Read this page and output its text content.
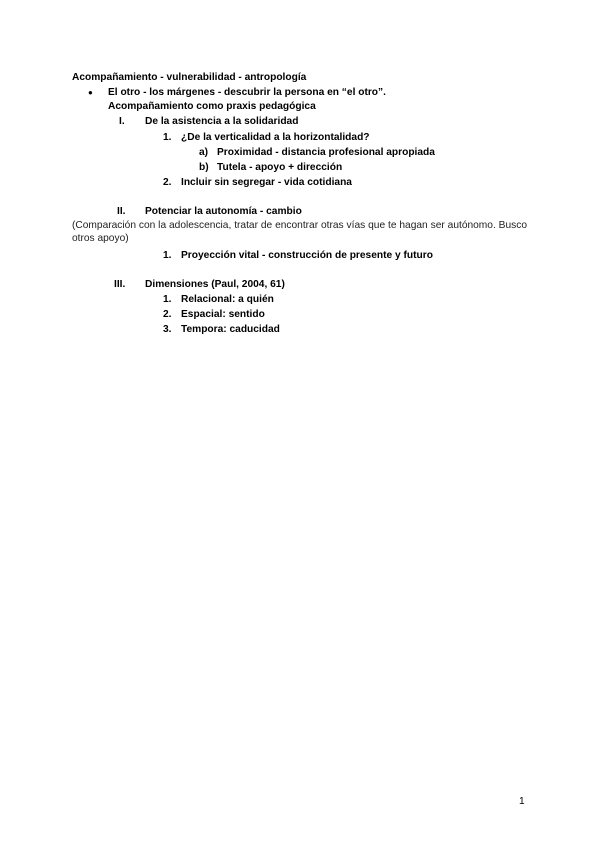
Acompañamiento - vulnerabilidad - antropología
● El otro - los márgenes - descubrir la persona en “el otro”.
Acompañamiento como praxis pedagógica
I. De la asistencia a la solidaridad
1. ¿De la verticalidad a la horizontalidad?
a) Proximidad - distancia profesional apropiada
b) Tutela - apoyo + dirección
2. Incluir sin segregar - vida cotidiana
II. Potenciar la autonomía - cambio
(Comparación con la adolescencia, tratar de encontrar otras vías que te hagan ser autónomo. Busco otros apoyo)
1. Proyección vital - construcción de presente y futuro
III. Dimensiones (Paul, 2004, 61)
1. Relacional: a quién
2. Espacial: sentido
3. Tempora: caducidad
1
